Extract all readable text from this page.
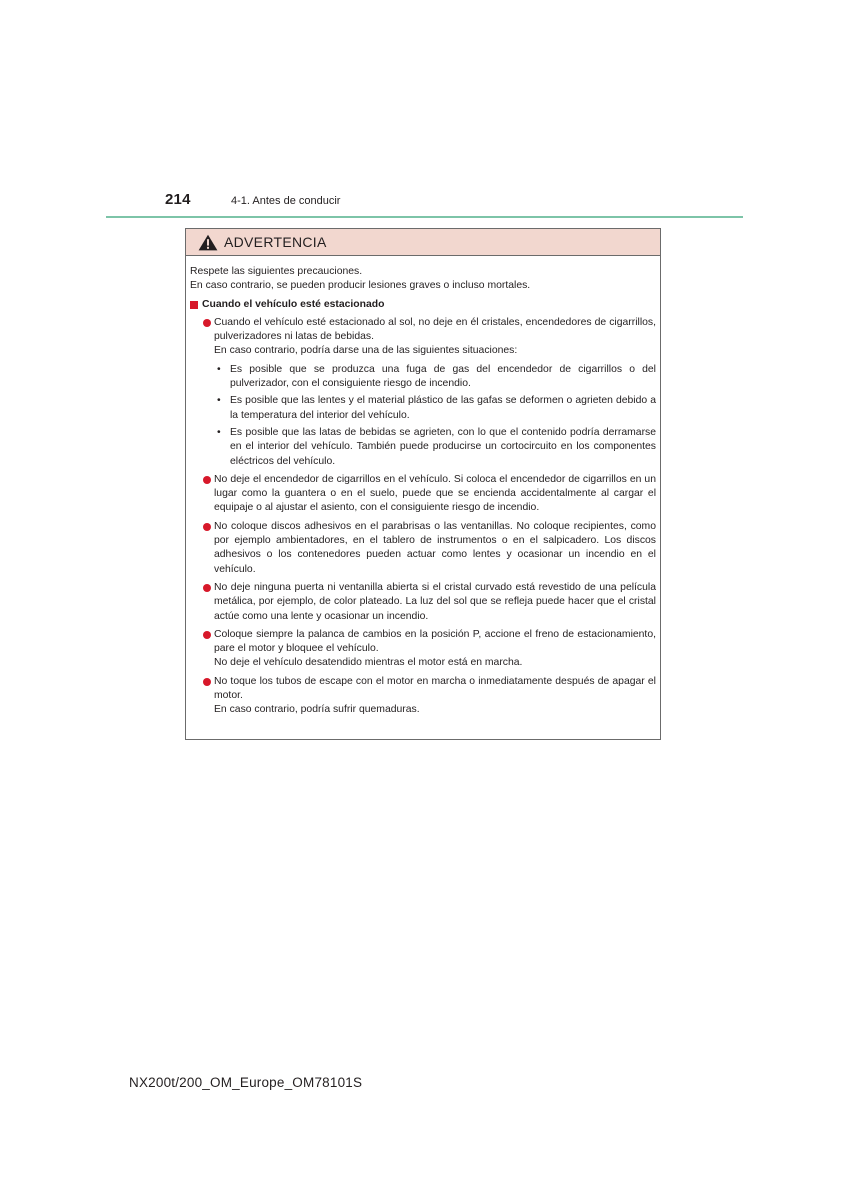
214	4-1. Antes de conducir
ADVERTENCIA
Respete las siguientes precauciones.
En caso contrario, se pueden producir lesiones graves o incluso mortales.
Cuando el vehículo esté estacionado
Cuando el vehículo esté estacionado al sol, no deje en él cristales, encendedores de cigarrillos, pulverizadores ni latas de bebidas.
En caso contrario, podría darse una de las siguientes situaciones:
• Es posible que se produzca una fuga de gas del encendedor de cigarrillos o del pulverizador, con el consiguiente riesgo de incendio.
• Es posible que las lentes y el material plástico de las gafas se deformen o agrieten debido a la temperatura del interior del vehículo.
• Es posible que las latas de bebidas se agrieten, con lo que el contenido podría derramarse en el interior del vehículo. También puede producirse un cortocircuito en los componentes eléctricos del vehículo.
No deje el encendedor de cigarrillos en el vehículo. Si coloca el encendedor de cigarrillos en un lugar como la guantera o en el suelo, puede que se encienda accidentalmente al cargar el equipaje o al ajustar el asiento, con el consiguiente riesgo de incendio.
No coloque discos adhesivos en el parabrisas o las ventanillas. No coloque recipientes, como por ejemplo ambientadores, en el tablero de instrumentos o en el salpicadero. Los discos adhesivos o los contenedores pueden actuar como lentes y ocasionar un incendio en el vehículo.
No deje ninguna puerta ni ventanilla abierta si el cristal curvado está revestido de una película metálica, por ejemplo, de color plateado. La luz del sol que se refleja puede hacer que el cristal actúe como una lente y ocasionar un incendio.
Coloque siempre la palanca de cambios en la posición P, accione el freno de estacionamiento, pare el motor y bloquee el vehículo.
No deje el vehículo desatendido mientras el motor está en marcha.
No toque los tubos de escape con el motor en marcha o inmediatamente después de apagar el motor.
En caso contrario, podría sufrir quemaduras.
NX200t/200_OM_Europe_OM78101S
